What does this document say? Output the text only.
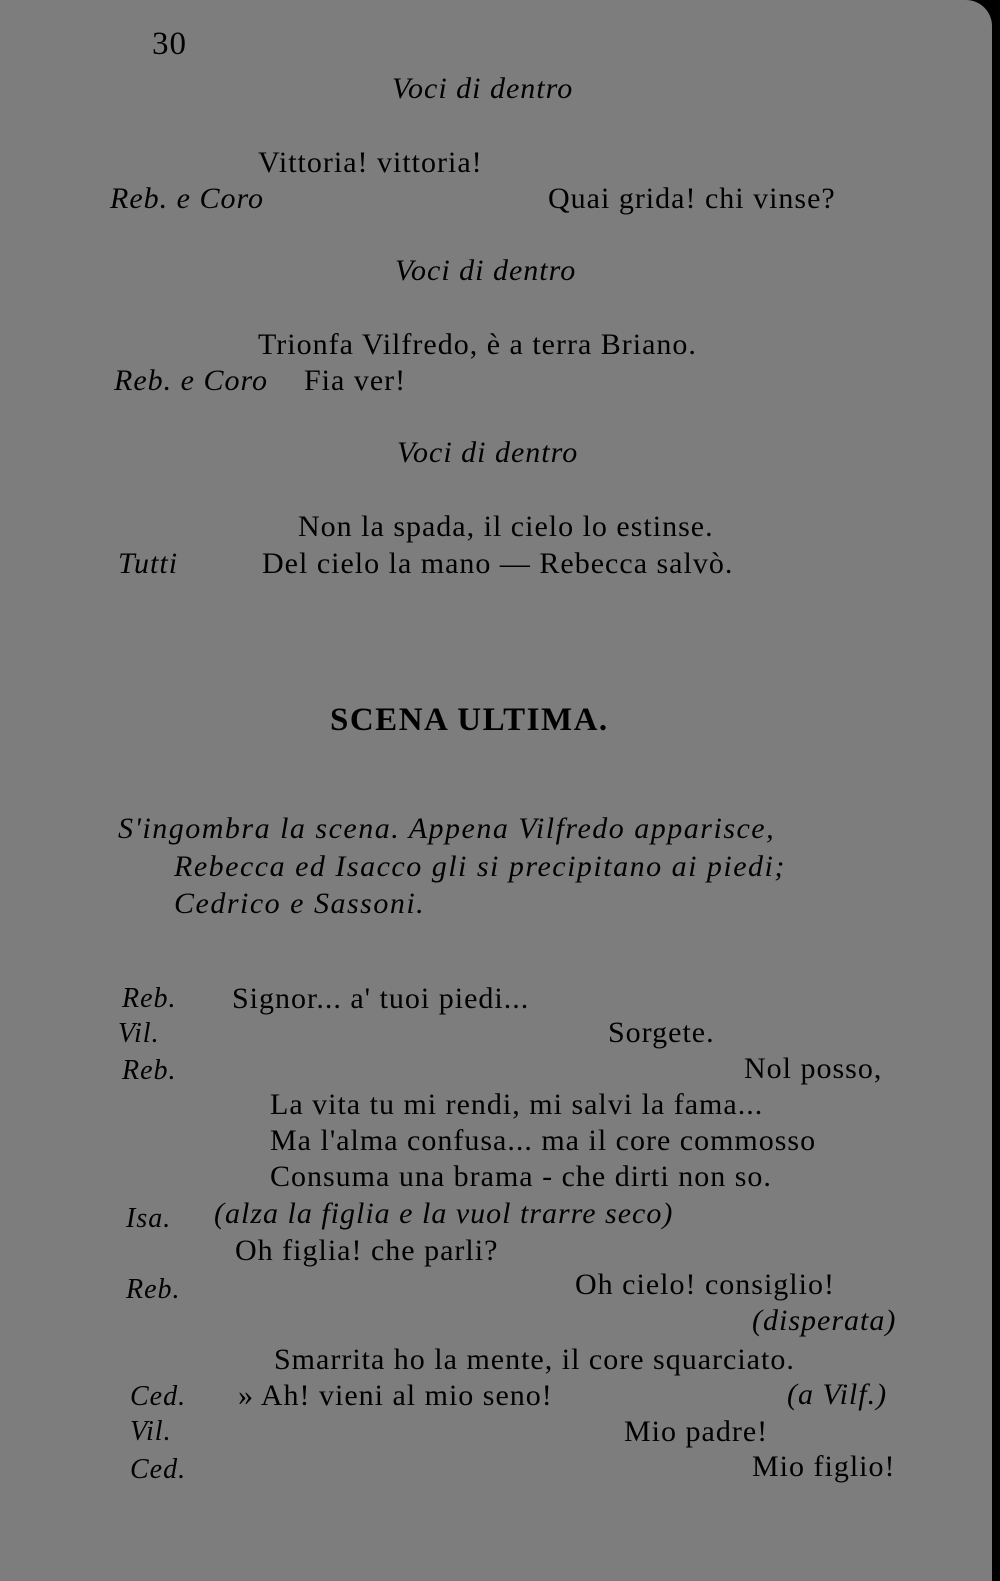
30
Voci di dentro
Vittoria! vittoria!
Reb. e Coro	Quai grida! chi vinse?
Voci di dentro
Trionfa Vilfredo, è a terra Briano.
Reb. e Coro Fia ver!
Voci di dentro
Non la spada, il cielo lo estinse.
Tutti	Del cielo la mano — Rebecca salvò.
SCENA ULTIMA.
S'ingombra la scena. Appena Vilfredo apparisce,
Rebecca ed Isacco gli si precipitano ai piedi;
Cedrico e Sassoni.
Reb. Signor... a' tuoi piedi...
Vil.	Sorgete.
Reb.	Nol posso,
La vita tu mi rendi, mi salvi la fama...
Ma l'alma confusa... ma il core commosso
Consuma una brama - che dirti non so.
Isa. (alza la figlia e la vuol trarre seco)
Oh figlia! che parli?
Reb.	Oh cielo! consiglio!
(disperata)
Smarrita ho la mente, il core squarciato.
Ced. » Ah! vieni al mio seno!	(a Vilf.)
Vil.	Mio padre!
Ced.	Mio figlio!
